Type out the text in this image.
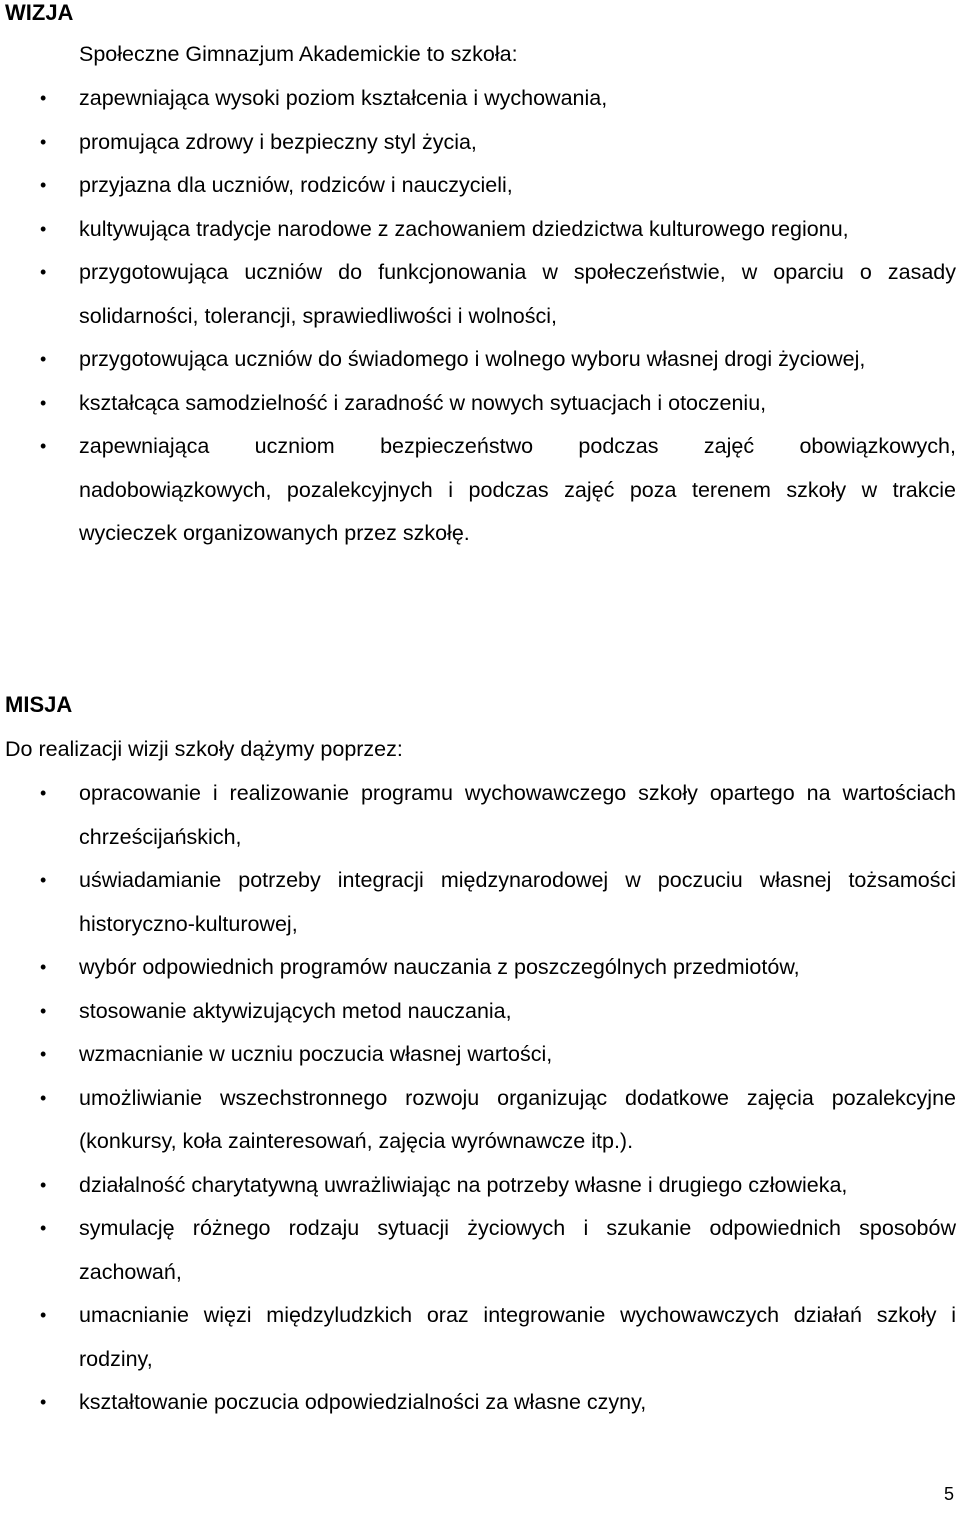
WIZJA

Społeczne Gimnazjum Akademickie to szkoła:

• zapewniająca wysoki poziom kształcenia i wychowania,
• promująca zdrowy i bezpieczny styl życia,
• przyjazna dla uczniów, rodziców i nauczycieli,
• kultywująca tradycje narodowe z zachowaniem dziedzictwa kulturowego regionu,
• przygotowująca uczniów do funkcjonowania w społeczeństwie, w oparciu o zasady solidarności, tolerancji, sprawiedliwości i wolności,
• przygotowująca uczniów do świadomego i wolnego wyboru własnej drogi życiowej,
• kształcąca samodzielność i zaradność w nowych sytuacjach i otoczeniu,
• zapewniająca uczniom bezpieczeństwo podczas zajęć obowiązkowych, nadobowiązkowych, pozalekcyjnych i podczas zajęć poza terenem szkoły w trakcie wycieczek organizowanych przez szkołę.
MISJA

Do realizacji wizji szkoły dążymy poprzez:

• opracowanie i realizowanie programu wychowawczego szkoły opartego na wartościach chrześcijańskich,
• uświadamianie potrzeby integracji międzynarodowej w poczuciu własnej tożsamości historyczno-kulturowej,
• wybór odpowiednich programów nauczania z poszczególnych przedmiotów,
• stosowanie aktywizujących metod nauczania,
• wzmacnianie w uczniu poczucia własnej wartości,
• umożliwianie wszechstronnego rozwoju organizując dodatkowe zajęcia pozalekcyjne (konkursy, koła zainteresowań, zajęcia wyrównawcze itp.).
• działalność charytatywną uwrażliwiając na potrzeby własne i drugiego człowieka,
• symulację różnego rodzaju sytuacji życiowych i szukanie odpowiednich sposobów zachowań,
• umacnianie więzi międzyludzkich oraz integrowanie wychowawczych działań szkoły i rodziny,
• kształtowanie poczucia odpowiedzialności za własne czyny,
5
